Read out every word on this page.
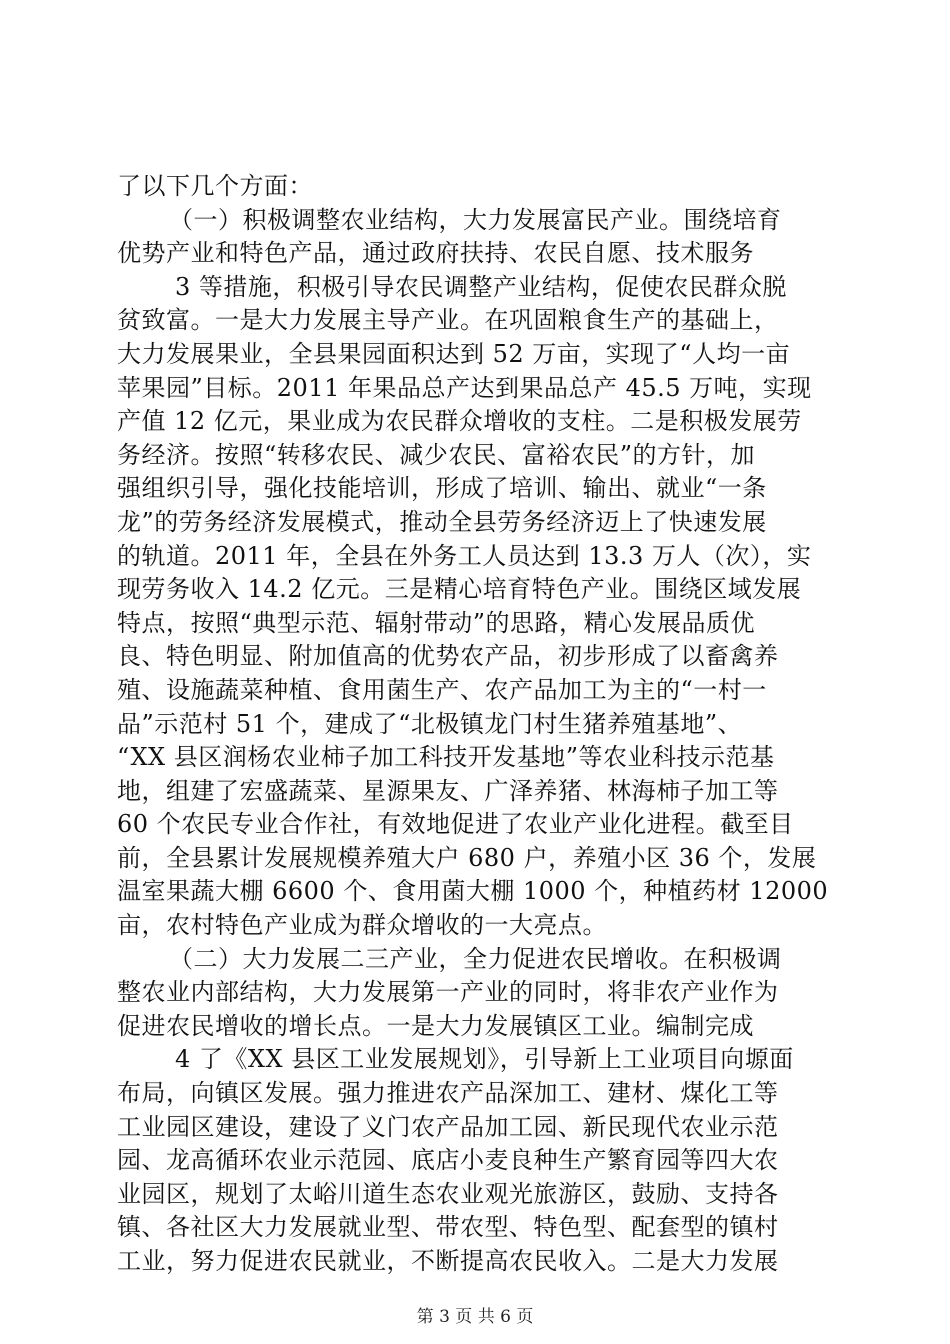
了以下几个方面：
（一）积极调整农业结构，大力发展富民产业。围绕培育
优势产业和特色产品，通过政府扶持、农民自愿、技术服务
3 等措施，积极引导农民调整产业结构，促使农民群众脱
贫致富。一是大力发展主导产业。在巩固粮食生产的基础上，
大力发展果业，全县果园面积达到 52 万亩，实现了“人均一亩
苹果园”目标。2011 年果品总产达到果品总产 45.5 万吨，实现
产值 12 亿元，果业成为农民群众增收的支柱。二是积极发展劳
务经济。按照“转移农民、减少农民、富裕农民”的方针，加
强组织引导，强化技能培训，形成了培训、输出、就业“一条
龙”的劳务经济发展模式，推动全县劳务经济迈上了快速发展
的轨道。2011 年，全县在外务工人员达到 13.3 万人（次），实
现劳务收入 14.2 亿元。三是精心培育特色产业。围绕区域发展
特点，按照“典型示范、辐射带动”的思路，精心发展品质优
良、特色明显、附加值高的优势农产品，初步形成了以畜禽养
殖、设施蔬菜种植、食用菌生产、农产品加工为主的“一村一
品”示范村 51 个，建成了“北极镇龙门村生猪养殖基地”、
“XX 县区润杨农业柿子加工科技开发基地”等农业科技示范基
地，组建了宏盛蔬菜、星源果友、广泽养猪、林海柿子加工等
60 个农民专业合作社，有效地促进了农业产业化进程。截至目
前，全县累计发展规模养殖大户 680 户，养殖小区 36 个，发展
温室果蔬大棚 6600 个、食用菌大棚 1000 个，种植药材 12000
亩，农村特色产业成为群众增收的一大亮点。
（二）大力发展二三产业，全力促进农民增收。在积极调
整农业内部结构，大力发展第一产业的同时，将非农产业作为
促进农民增收的增长点。一是大力发展镇区工业。编制完成
4 了《XX 县区工业发展规划》，引导新上工业项目向塬面
布局，向镇区发展。强力推进农产品深加工、建材、煤化工等
工业园区建设，建设了义门农产品加工园、新民现代农业示范
园、龙高循环农业示范园、底店小麦良种生产繁育园等四大农
业园区，规划了太峪川道生态农业观光旅游区，鼓励、支持各
镇、各社区大力发展就业型、带农型、特色型、配套型的镇村
工业，努力促进农民就业，不断提高农民收入。二是大力发展
第 3 页 共 6 页
